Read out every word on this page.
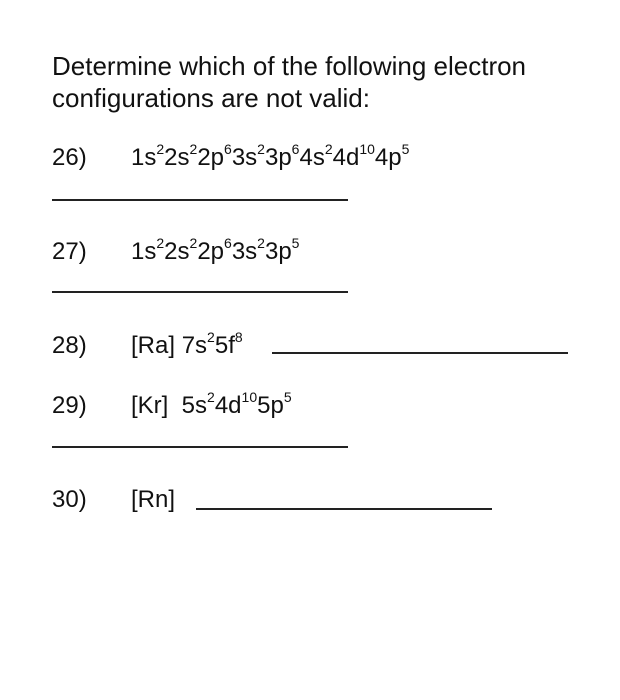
Determine which of the following electron
configurations are not valid:
26) $1s^22s^22p^63s^23p^64s^24d^{10}4p^5$
27) $1s^22s^22p^63s^23p^5$
28) [Ra] $7s^25f^8$
29) [Kr]  $5s^24d^{10}5p^5$
30) [Rn]
